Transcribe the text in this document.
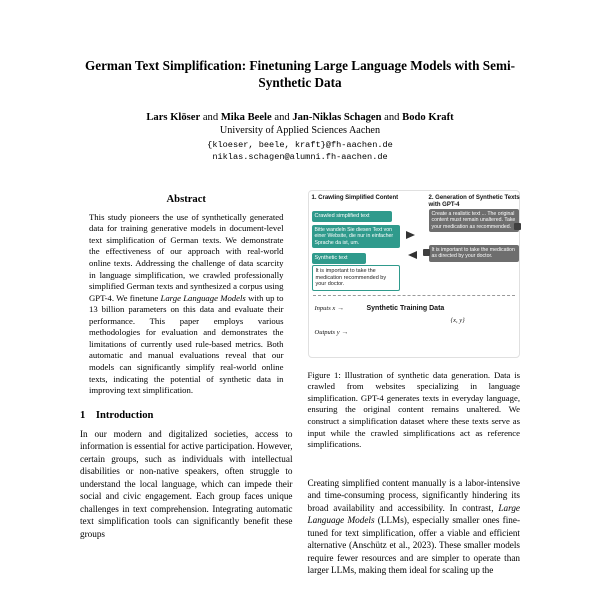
German Text Simplification: Finetuning Large Language Models with Semi-Synthetic Data
Lars Klöser and Mika Beele and Jan-Niklas Schagen and Bodo Kraft
University of Applied Sciences Aachen
{kloeser, beele, kraft}@fh-aachen.de
niklas.schagen@alumni.fh-aachen.de
Abstract
This study pioneers the use of synthetically generated data for training generative models in document-level text simplification of German texts. We demonstrate the effectiveness of our approach with real-world online texts. Addressing the challenge of data scarcity in language simplification, we crawled professionally simplified German texts and synthesized a corpus using GPT-4. We finetune Large Language Models with up to 13 billion parameters on this data and evaluate their performance. This paper employs various methodologies for evaluation and demonstrates the limitations of currently used rule-based metrics. Both automatic and manual evaluations reveal that our models can significantly simplify real-world online texts, indicating the potential of synthetic data in improving text simplification.
1 Introduction
In our modern and digitalized societies, access to information is essential for active participation. However, certain groups, such as individuals with intellectual disabilities or non-native speakers, often struggle to understand the local language, which can impede their social and civic engagement. Each group faces unique challenges in text comprehension. Integrating automatic text simplification tools can significantly benefit these groups
1. Crawling Simplified Content	2. Generation of Synthetic Texts with GPT-4
Crawled simplified text
Bitte wandeln Sie diesen Text von einer Website, die nur in einfacher Sprache da ist, um.
Synthetic text
It is important to take the medication recommended by your doctor.
Create a realistic text ... The original content must remain unaltered. Take your medication as recommended.
It is important to take the medication as directed by your doctor.
Inputs x →	Synthetic Training Data
Outputs y →
{x, y}
Figure 1: Illustration of synthetic data generation. Data is crawled from websites specializing in language simplification. GPT-4 generates texts in everyday language, ensuring the original content remains unaltered. We construct a simplification dataset where these texts serve as input while the crawled simplifications act as reference simplifications.
Creating simplified content manually is a labor-intensive and time-consuming process, significantly hindering its broad availability and accessibility. In contrast, Large Language Models (LLMs), especially smaller ones fine-tuned for text simplification, offer a viable and efficient alternative (Anschütz et al., 2023). These smaller models require fewer resources and are simpler to operate than larger LLMs, making them ideal for scaling up the
